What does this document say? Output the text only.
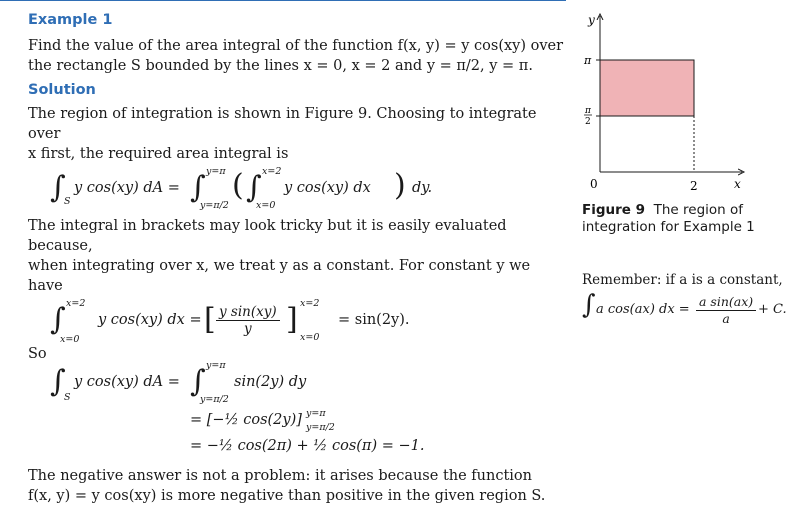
Example 1
Find the value of the area integral of the function f(x, y) = y cos(xy) over
the rectangle S bounded by the lines x = 0, x = 2 and y = π/2, y = π.
Solution
The region of integration is shown in Figure 9. Choosing to integrate over
x first, the required area integral is
∫
S
y cos(xy) dA = ∫ y=π
y=π/2
( ∫ x=2
x=0
y cos(xy) dx ) dy.
The integral in brackets may look tricky but it is easily evaluated because,
when integrating over x, we treat y as a constant. For constant y we have
∫ x=2
x=0
y cos(xy) dx = [ $\frac{\text{y sin(xy)}}{y}$ ] x=2
x=0
= sin(2y).
So
∫
S
y cos(xy) dA = ∫ y=π
y=π/2
sin(2y) dy
= [−½ cos(2y)] y=π
y=π/2
= −½ cos(2π) + ½ cos(π) = −1.
The negative answer is not a problem: it arises because the function
f(x, y) = y cos(xy) is more negative than positive in the given region S.
y
x
0	2
π
π
2
Figure 9 The region of
integration for Example 1
Remember: if a is a constant,
∫ a cos(ax) dx = $\frac{\text{a sin(ax)}}{a} + C$.
